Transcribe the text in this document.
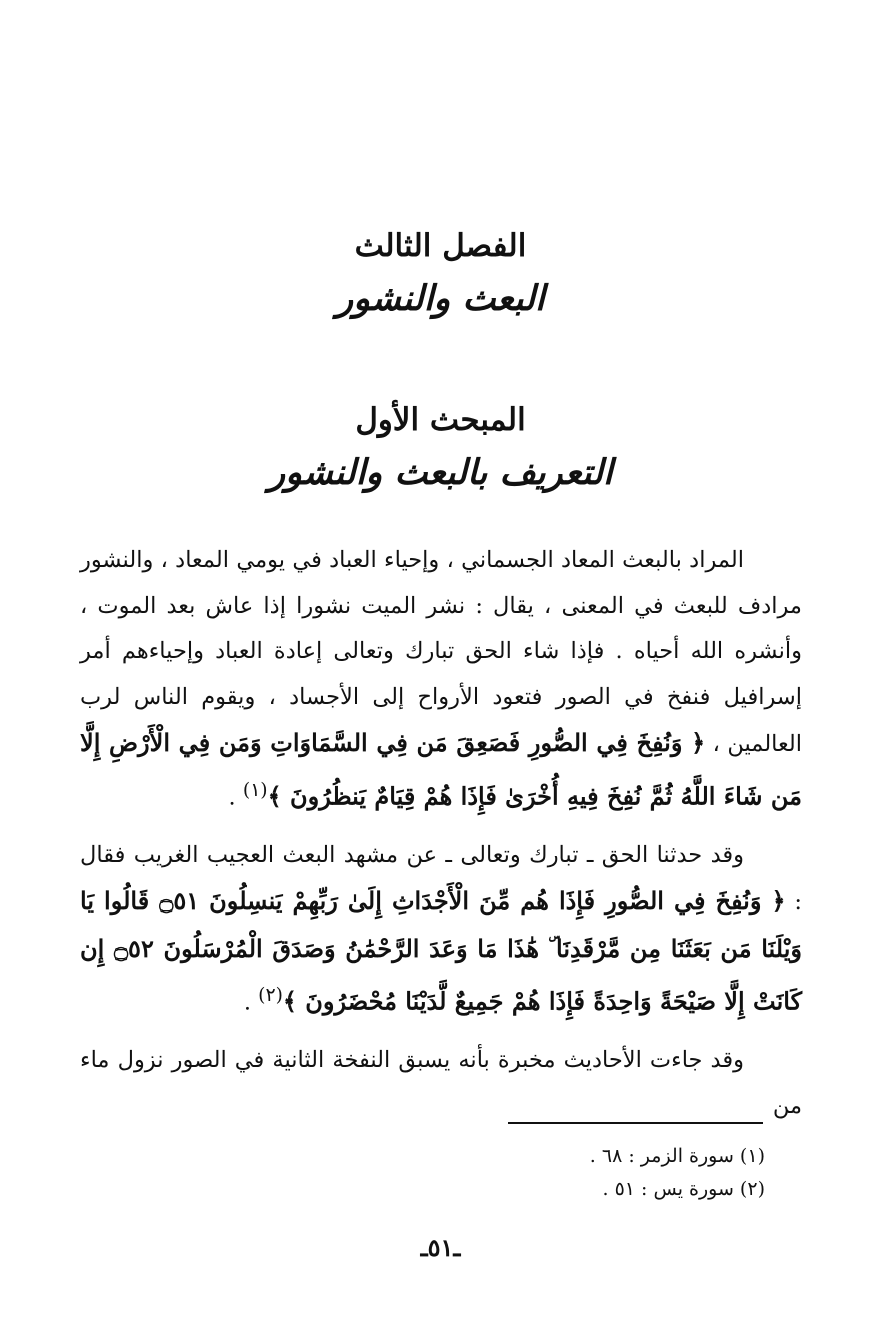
الفصل الثالث
البعث والنشور
المبحث الأول
التعريف بالبعث والنشور

المراد بالبعث المعاد الجسماني ، وإحياء العباد في يومي المعاد ، والنشور مرادف للبعث في المعنى ، يقال : نشر الميت نشورا إذا عاش بعد الموت ، وأنشره الله أحياه . فإذا شاء الحق تبارك وتعالى إعادة العباد وإحياءهم أمر إسرافيل فنفخ في الصور فتعود الأرواح إلى الأجساد ، ويقوم الناس لرب العالمين ، ﴿ وَنُفِخَ فِي الصُّورِ فَصَعِقَ مَن فِي السَّمَاوَاتِ وَمَن فِي الْأَرْضِ إِلَّا مَن شَاءَ اللَّهُ ثُمَّ نُفِخَ فِيهِ أُخْرَىٰ فَإِذَا هُمْ قِيَامٌ يَنظُرُونَ ﴾$^{(١)}$ .

وقد حدثنا الحق ـ تبارك وتعالى ـ عن مشهد البعث العجيب الغريب فقال : ﴿ وَنُفِخَ فِي الصُّورِ فَإِذَا هُم مِّنَ الْأَجْدَاثِ إِلَىٰ رَبِّهِمْ يَنسِلُونَ ۝٥١ قَالُوا يَا وَيْلَنَا مَن بَعَثَنَا مِن مَّرْقَدِنَا ۜ هَٰذَا مَا وَعَدَ الرَّحْمَٰنُ وَصَدَقَ الْمُرْسَلُونَ ۝٥٢ إِن كَانَتْ إِلَّا صَيْحَةً وَاحِدَةً فَإِذَا هُمْ جَمِيعٌ لَّدَيْنَا مُحْضَرُونَ ﴾$^{(٢)}$ .

وقد جاءت الأحاديث مخبرة بأنه يسبق النفخة الثانية في الصور نزول ماء من

(١) سورة الزمر : ٦٨ .
(٢) سورة يس : ٥١ .
ـ٥١ـ
